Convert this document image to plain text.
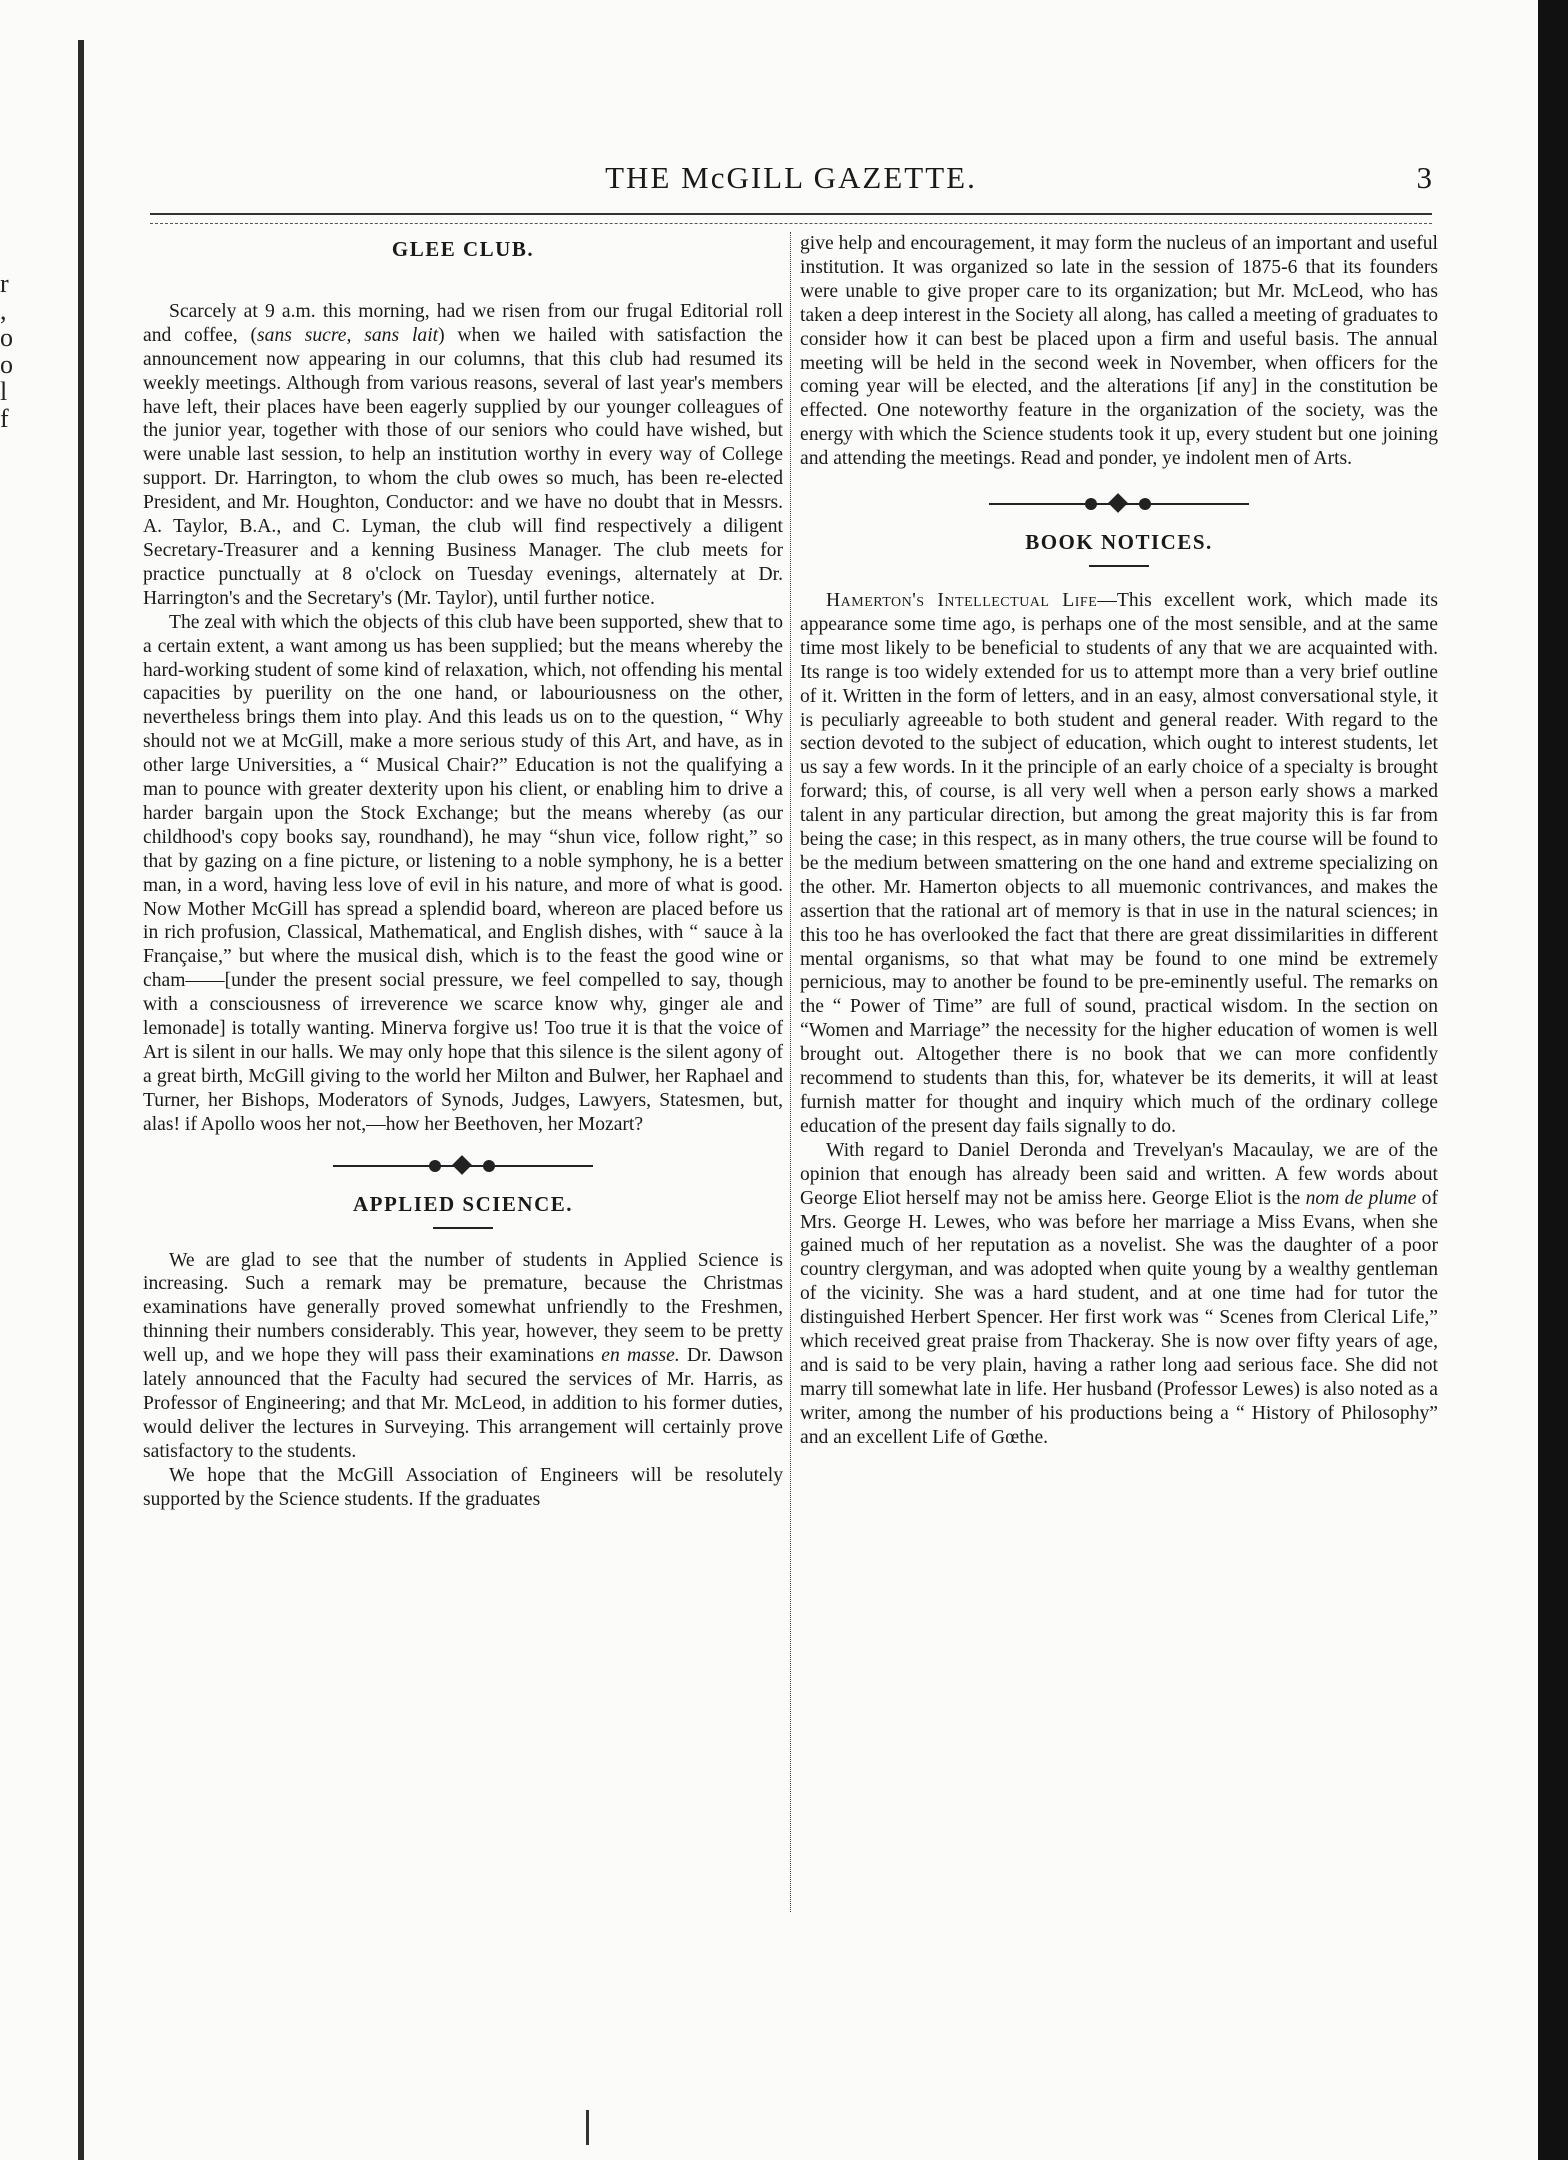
r
,
o
o
l
f
THE McGILL GAZETTE.	3
GLEE CLUB.

Scarcely at 9 a.m. this morning, had we risen from our frugal Editorial roll and coffee, (sans sucre, sans lait) when we hailed with satisfaction the announcement now appearing in our columns, that this club had resumed its weekly meetings. Although from various reasons, several of last year's members have left, their places have been eagerly supplied by our younger colleagues of the junior year, together with those of our seniors who could have wished, but were unable last session, to help an institution worthy in every way of College support. Dr. Harrington, to whom the club owes so much, has been re-elected President, and Mr. Houghton, Conductor: and we have no doubt that in Messrs. A. Taylor, B.A., and C. Lyman, the club will find respectively a diligent Secretary-Treasurer and a kenning Business Manager. The club meets for practice punctually at 8 o'clock on Tuesday evenings, alternately at Dr. Harrington's and the Secretary's (Mr. Taylor), until further notice.

The zeal with which the objects of this club have been supported, shew that to a certain extent, a want among us has been supplied; but the means whereby the hard-working student of some kind of relaxation, which, not offending his mental capacities by puerility on the one hand, or labouriousness on the other, nevertheless brings them into play. And this leads us on to the question, “ Why should not we at McGill, make a more serious study of this Art, and have, as in other large Universities, a “ Musical Chair?” Education is not the qualifying a man to pounce with greater dexterity upon his client, or enabling him to drive a harder bargain upon the Stock Exchange; but the means whereby (as our childhood's copy books say, roundhand), he may “shun vice, follow right,” so that by gazing on a fine picture, or listening to a noble symphony, he is a better man, in a word, having less love of evil in his nature, and more of what is good. Now Mother McGill has spread a splendid board, whereon are placed before us in rich profusion, Classical, Mathematical, and English dishes, with “ sauce à la Française,” but where the musical dish, which is to the feast the good wine or cham——[under the present social pressure, we feel compelled to say, though with a consciousness of irreverence we scarce know why, ginger ale and lemonade] is totally wanting. Minerva forgive us! Too true it is that the voice of Art is silent in our halls. We may only hope that this silence is the silent agony of a great birth, McGill giving to the world her Milton and Bulwer, her Raphael and Turner, her Bishops, Moderators of Synods, Judges, Lawyers, Statesmen, but, alas! if Apollo woos her not,—how her Beethoven, her Mozart?

APPLIED SCIENCE.

We are glad to see that the number of students in Applied Science is increasing. Such a remark may be premature, because the Christmas examinations have generally proved somewhat unfriendly to the Freshmen, thinning their numbers considerably. This year, however, they seem to be pretty well up, and we hope they will pass their examinations en masse. Dr. Dawson lately announced that the Faculty had secured the services of Mr. Harris, as Professor of Engineering; and that Mr. McLeod, in addition to his former duties, would deliver the lectures in Surveying. This arrangement will certainly prove satisfactory to the students.

We hope that the McGill Association of Engineers will be resolutely supported by the Science students. If the graduates

give help and encouragement, it may form the nucleus of an important and useful institution. It was organized so late in the session of 1875-6 that its founders were unable to give proper care to its organization; but Mr. McLeod, who has taken a deep interest in the Society all along, has called a meeting of graduates to consider how it can best be placed upon a firm and useful basis. The annual meeting will be held in the second week in November, when officers for the coming year will be elected, and the alterations [if any] in the constitution be effected. One noteworthy feature in the organization of the society, was the energy with which the Science students took it up, every student but one joining and attending the meetings. Read and ponder, ye indolent men of Arts.

BOOK NOTICES.

Hamerton's Intellectual Life—This excellent work, which made its appearance some time ago, is perhaps one of the most sensible, and at the same time most likely to be beneficial to students of any that we are acquainted with. Its range is too widely extended for us to attempt more than a very brief outline of it. Written in the form of letters, and in an easy, almost conversational style, it is peculiarly agreeable to both student and general reader. With regard to the section devoted to the subject of education, which ought to interest students, let us say a few words. In it the principle of an early choice of a specialty is brought forward; this, of course, is all very well when a person early shows a marked talent in any particular direction, but among the great majority this is far from being the case; in this respect, as in many others, the true course will be found to be the medium between smattering on the one hand and extreme specializing on the other. Mr. Hamerton objects to all muemonic contrivances, and makes the assertion that the rational art of memory is that in use in the natural sciences; in this too he has overlooked the fact that there are great dissimilarities in different mental organisms, so that what may be found to one mind be extremely pernicious, may to another be found to be pre-eminently useful. The remarks on the “ Power of Time” are full of sound, practical wisdom. In the section on “Women and Marriage” the necessity for the higher education of women is well brought out. Altogether there is no book that we can more confidently recommend to students than this, for, whatever be its demerits, it will at least furnish matter for thought and inquiry which much of the ordinary college education of the present day fails signally to do.

With regard to Daniel Deronda and Trevelyan's Macaulay, we are of the opinion that enough has already been said and written. A few words about George Eliot herself may not be amiss here. George Eliot is the nom de plume of Mrs. George H. Lewes, who was before her marriage a Miss Evans, when she gained much of her reputation as a novelist. She was the daughter of a poor country clergyman, and was adopted when quite young by a wealthy gentleman of the vicinity. She was a hard student, and at one time had for tutor the distinguished Herbert Spencer. Her first work was “ Scenes from Clerical Life,” which received great praise from Thackeray. She is now over fifty years of age, and is said to be very plain, having a rather long aad serious face. She did not marry till somewhat late in life. Her husband (Professor Lewes) is also noted as a writer, among the number of his productions being a “ History of Philosophy” and an excellent Life of Gœthe.
